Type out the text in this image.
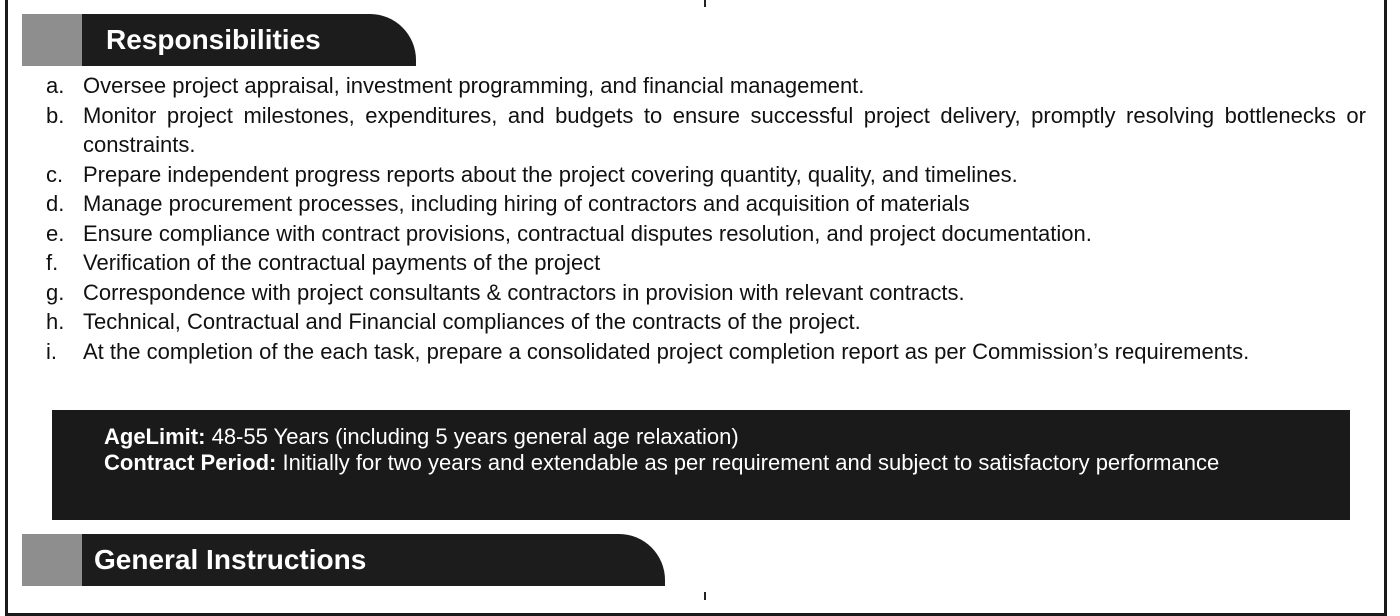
Responsibilities
a. Oversee project appraisal, investment programming, and financial management.
b. Monitor project milestones, expenditures, and budgets to ensure successful project delivery, promptly resolving bottlenecks or constraints.
c. Prepare independent progress reports about the project covering quantity, quality, and timelines.
d. Manage procurement processes, including hiring of contractors and acquisition of materials
e. Ensure compliance with contract provisions, contractual disputes resolution, and project documentation.
f. Verification of the contractual payments of the project
g. Correspondence with project consultants & contractors in provision with relevant contracts.
h. Technical, Contractual and Financial compliances of the contracts of the project.
i. At the completion of the each task, prepare a consolidated project completion report as per Commission’s requirements.
AgeLimit: 48-55 Years (including 5 years general age relaxation)
Contract Period: Initially for two years and extendable as per requirement and subject to satisfactory performance
General Instructions
